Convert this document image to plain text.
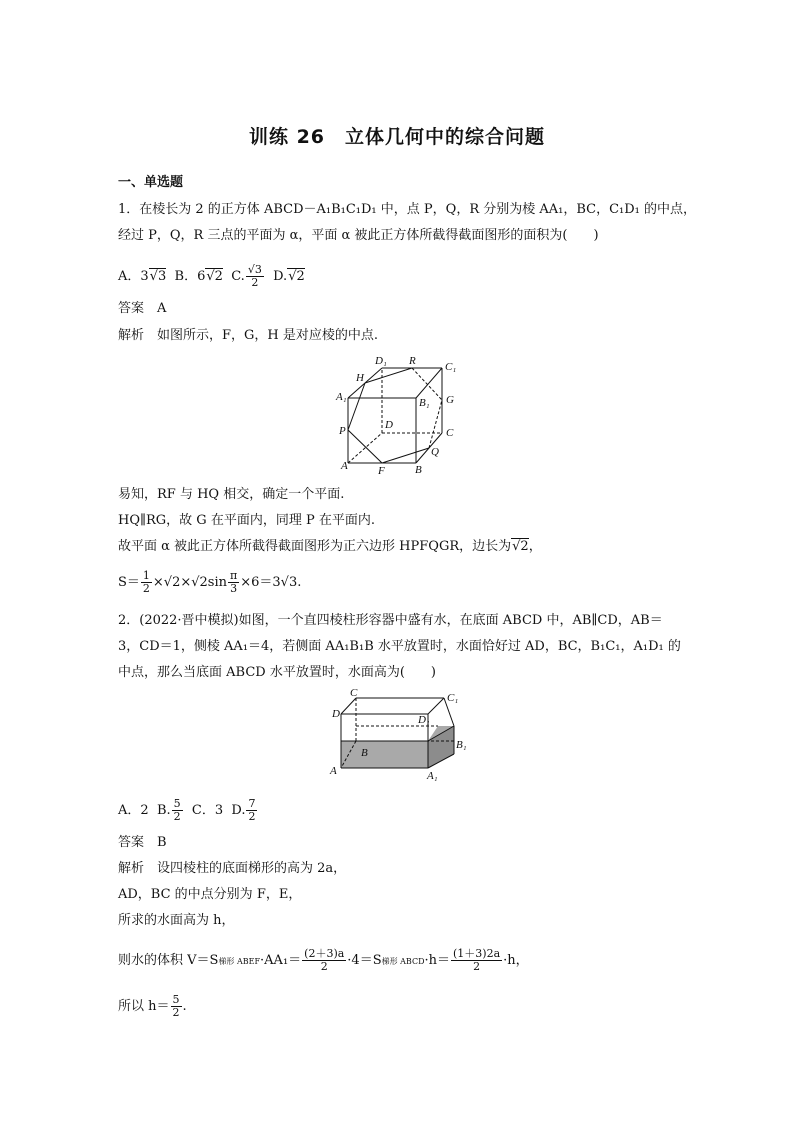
训练 26　立体几何中的综合问题
一、单选题
1．在棱长为 2 的正方体 ABCD－A₁B₁C₁D₁ 中，点 P，Q，R 分别为棱 AA₁，BC，C₁D₁ 的中点，
经过 P，Q，R 三点的平面为 α，平面 α 被此正方体所截得截面图形的面积为(　　)
A．3√3 B．6√2 C. $\frac{√3}{2} D.√2$
答案　A
解析　如图所示，F，G，H 是对应棱的中点.
D₁ R	C₁
H
A₁	B₁ G
D
P	C
Q
A	F	B
易知，RF 与 HQ 相交，确定一个平面.
HQ∥RG，故 G 在平面内，同理 P 在平面内.
故平面 α 被此正方体所截得截面图形为正六边形 HPFQGR，边长为√2，
$S= \frac{1}{2} \times√2\times√2\sin \frac{\pi}{3} \times 6=3√3$.
2．(2022·晋中模拟)如图，一个直四棱柱形容器中盛有水，在底面 ABCD 中，AB∥CD，AB＝
3，CD＝1，侧棱 AA₁＝4，若侧面 AA₁B₁B 水平放置时，水面恰好过 AD，BC，B₁C₁，A₁D₁ 的
中点，那么当底面 ABCD 水平放置时，水面高为(　　)
C	C₁
D	D₁
B
B₁
A	A₁
A．2 B. $\frac{5}{2}$ C．3 D. $\frac{7}{2}$
答案　B
解析　设四棱柱的底面梯形的高为 2a，
AD，BC 的中点分别为 F，E，
所求的水面高为 h，
则水的体积 V＝S梯形 ABEF·AA₁＝ $\frac{(2+3)a}{2} \cdot 4=S$梯形 ABCD·h＝ $\frac{(1+3)2a}{2} \cdot h$，
所以 $h= \frac{5}{2}$ .
